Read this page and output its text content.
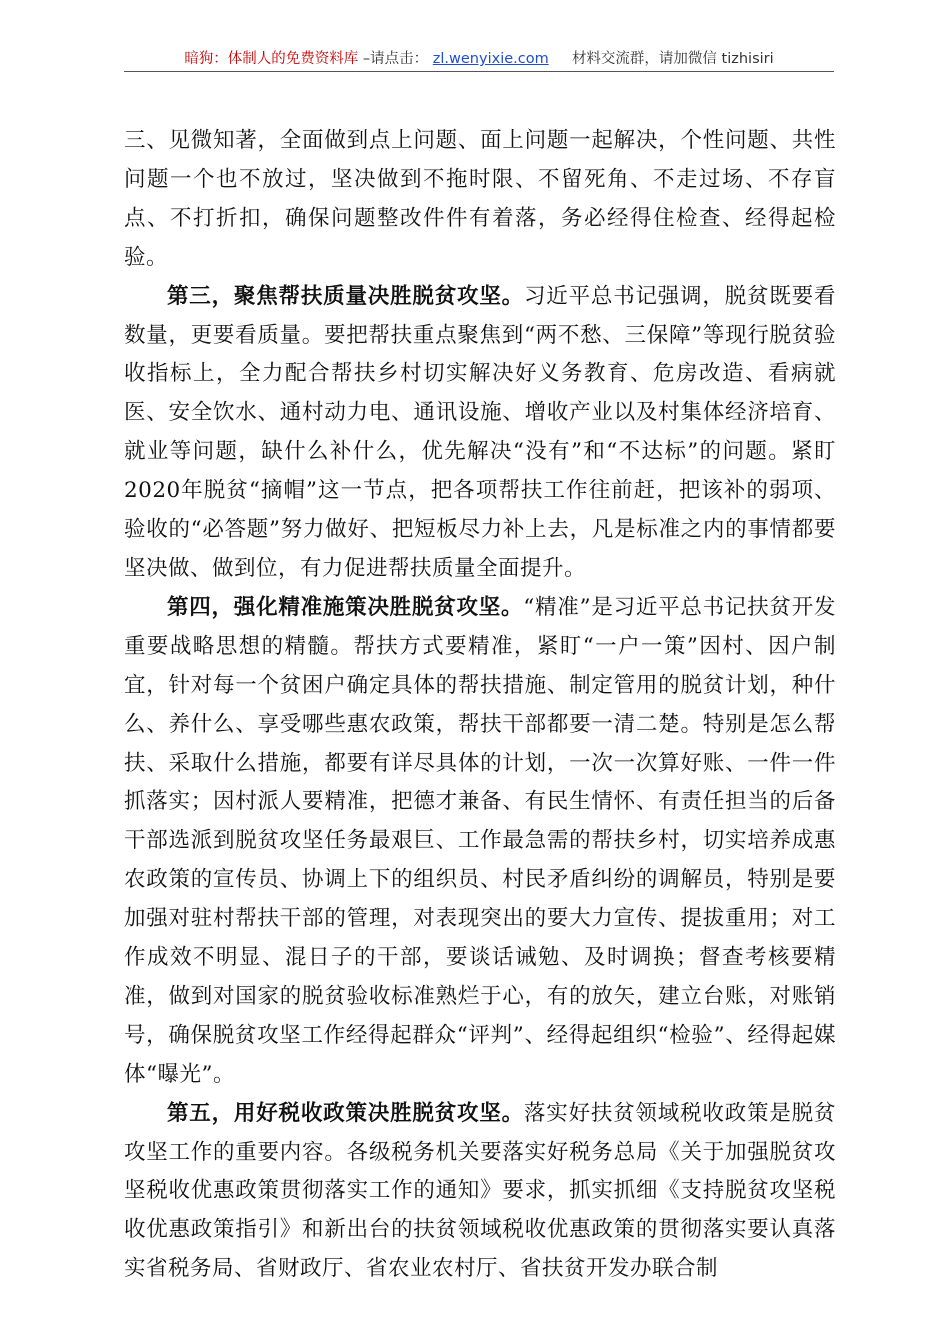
暗狗：体制人的免费资料库 –请点击： zl.wenyixie.com 材料交流群，请加微信 tizhisiri

三、见微知著，全面做到点上问题、面上问题一起解决，个性问题、共性问题一个也不放过，坚决做到不拖时限、不留死角、不走过场、不存盲点、不打折扣，确保问题整改件件有着落，务必经得住检查、经得起检验。

第三，聚焦帮扶质量决胜脱贫攻坚。习近平总书记强调，脱贫既要看数量，更要看质量。要把帮扶重点聚焦到“两不愁、三保障”等现行脱贫验收指标上，全力配合帮扶乡村切实解决好义务教育、危房改造、看病就医、安全饮水、通村动力电、通讯设施、增收产业以及村集体经济培育、就业等问题，缺什么补什么，优先解决“没有”和“不达标”的问题。紧盯2020年脱贫“摘帽”这一节点，把各项帮扶工作往前赶，把该补的弱项、验收的“必答题”努力做好、把短板尽力补上去，凡是标准之内的事情都要坚决做、做到位，有力促进帮扶质量全面提升。

第四，强化精准施策决胜脱贫攻坚。“精准”是习近平总书记扶贫开发重要战略思想的精髓。帮扶方式要精准，紧盯“一户一策”因村、因户制宜，针对每一个贫困户确定具体的帮扶措施、制定管用的脱贫计划，种什么、养什么、享受哪些惠农政策，帮扶干部都要一清二楚。特别是怎么帮扶、采取什么措施，都要有详尽具体的计划，一次一次算好账、一件一件抓落实；因村派人要精准，把德才兼备、有民生情怀、有责任担当的后备干部选派到脱贫攻坚任务最艰巨、工作最急需的帮扶乡村，切实培养成惠农政策的宣传员、协调上下的组织员、村民矛盾纠纷的调解员，特别是要加强对驻村帮扶干部的管理，对表现突出的要大力宣传、提拔重用；对工作成效不明显、混日子的干部，要谈话诫勉、及时调换；督查考核要精准，做到对国家的脱贫验收标准熟烂于心，有的放矢，建立台账，对账销号，确保脱贫攻坚工作经得起群众“评判”、经得起组织“检验”、经得起媒体“曝光”。

第五，用好税收政策决胜脱贫攻坚。落实好扶贫领域税收政策是脱贫攻坚工作的重要内容。各级税务机关要落实好税务总局《关于加强脱贫攻坚税收优惠政策贯彻落实工作的通知》要求，抓实抓细《支持脱贫攻坚税收优惠政策指引》和新出台的扶贫领域税收优惠政策的贯彻落实要认真落实省税务局、省财政厅、省农业农村厅、省扶贫开发办联合制
